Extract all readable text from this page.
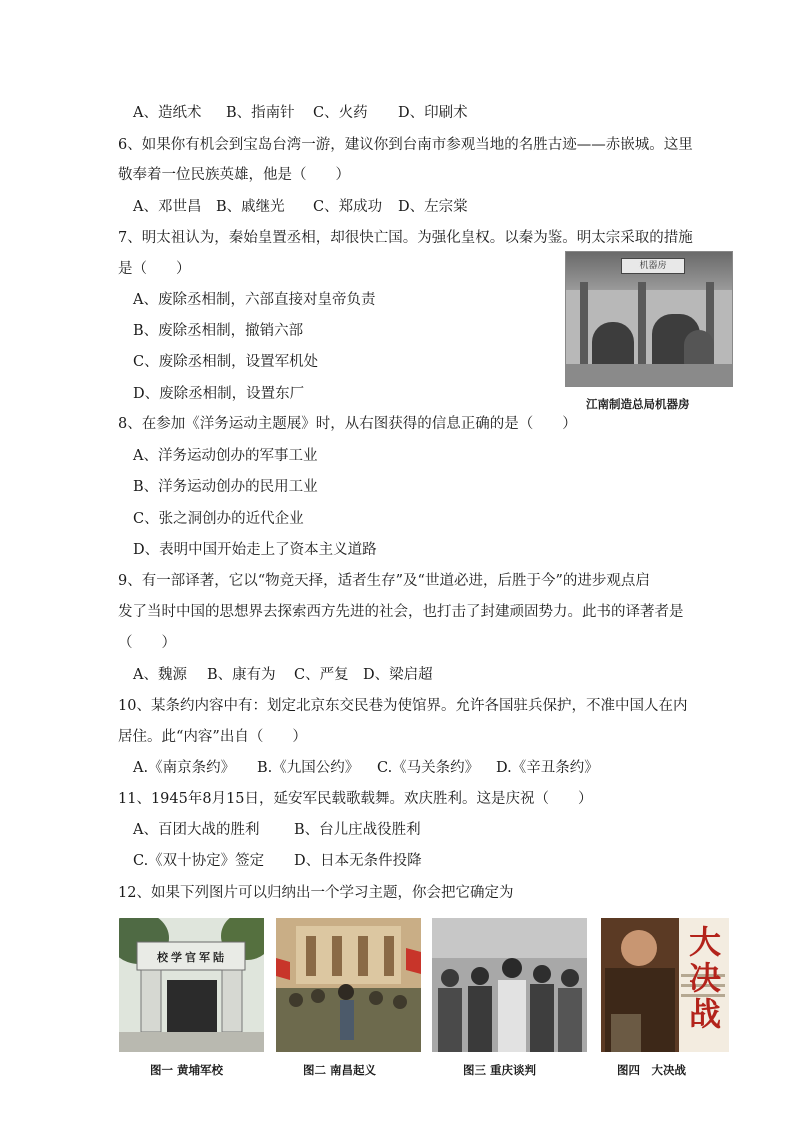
A、造纸术 B、指南针 C、火药 D、印刷术
6、如果你有机会到宝岛台湾一游，建议你到台南市参观当地的名胜古迹——赤嵌城。这里
敬奉着一位民族英雄，他是（　　）
A、邓世昌 B、戚继光 C、郑成功 D、左宗棠
7、明太祖认为，秦始皇置丞相，却很快亡国。为强化皇权。以秦为鉴。明太宗采取的措施
是（　　）
A、废除丞相制，六部直接对皇帝负责
B、废除丞相制，撤销六部
C、废除丞相制，设置军机处
D、废除丞相制，设置东厂
机器房
江南制造总局机器房
8、在参加《洋务运动主题展》时，从右图获得的信息正确的是（　　）
A、洋务运动创办的军事工业
B、洋务运动创办的民用工业
C、张之洞创办的近代企业
D、表明中国开始走上了资本主义道路
9、有一部译著，它以“物竞天择，适者生存”及“世道必进，后胜于今”的进步观点启
发了当时中国的思想界去探索西方先进的社会，也打击了封建顽固势力。此书的译著者是
（　　）
A、魏源 B、康有为 C、严复 D、梁启超
10、某条约内容中有：划定北京东交民巷为使馆界。允许各国驻兵保护，不准中国人在内
居住。此“内容”出自（　　）
A.《南京条约》 B.《九国公约》 C.《马关条约》 D.《辛丑条约》
11、1945年8月15日，延安军民载歌载舞。欢庆胜利。这是庆祝（　　）
A、百团大战的胜利 B、台儿庄战役胜利
C.《双十协定》签定 D、日本无条件投降
12、如果下列图片可以归纳出一个学习主题，你会把它确定为
校学官军陆
图一 黄埔军校	图二 南昌起义	图三 重庆谈判
大决战
图四　大决战
